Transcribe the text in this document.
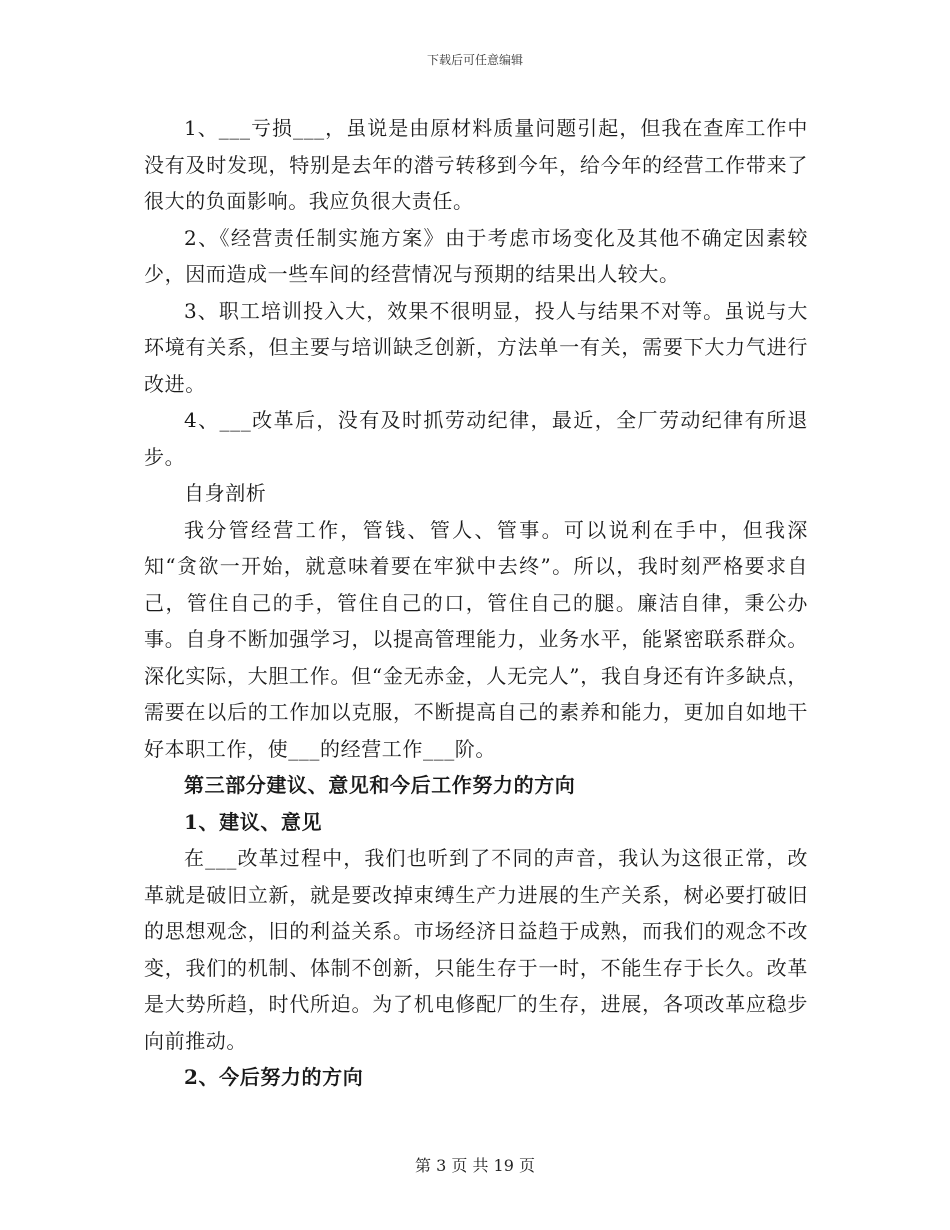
下载后可任意编辑

1、___亏损___，虽说是由原材料质量问题引起，但我在查库工作中没有及时发现，特别是去年的潜亏转移到今年，给今年的经营工作带来了很大的负面影响。我应负很大责任。

2、《经营责任制实施方案》由于考虑市场变化及其他不确定因素较少，因而造成一些车间的经营情况与预期的结果出人较大。

3、职工培训投入大，效果不很明显，投人与结果不对等。虽说与大环境有关系，但主要与培训缺乏创新，方法单一有关，需要下大力气进行改进。

4、___改革后，没有及时抓劳动纪律，最近，全厂劳动纪律有所退步。

自身剖析

我分管经营工作，管钱、管人、管事。可以说利在手中，但我深知“贪欲一开始，就意味着要在牢狱中去终”。所以，我时刻严格要求自己，管住自己的手，管住自己的口，管住自己的腿。廉洁自律，秉公办事。自身不断加强学习，以提高管理能力，业务水平，能紧密联系群众。深化实际，大胆工作。但“金无赤金，人无完人”，我自身还有许多缺点，需要在以后的工作加以克服，不断提高自己的素养和能力，更加自如地干好本职工作，使___的经营工作___阶。

第三部分建议、意见和今后工作努力的方向

1、建议、意见

在___改革过程中，我们也听到了不同的声音，我认为这很正常，改革就是破旧立新，就是要改掉束缚生产力进展的生产关系，树必要打破旧的思想观念，旧的利益关系。市场经济日益趋于成熟，而我们的观念不改变，我们的机制、体制不创新，只能生存于一时，不能生存于长久。改革是大势所趋，时代所迫。为了机电修配厂的生存，进展，各项改革应稳步向前推动。

2、今后努力的方向

第 3 页 共 19 页
